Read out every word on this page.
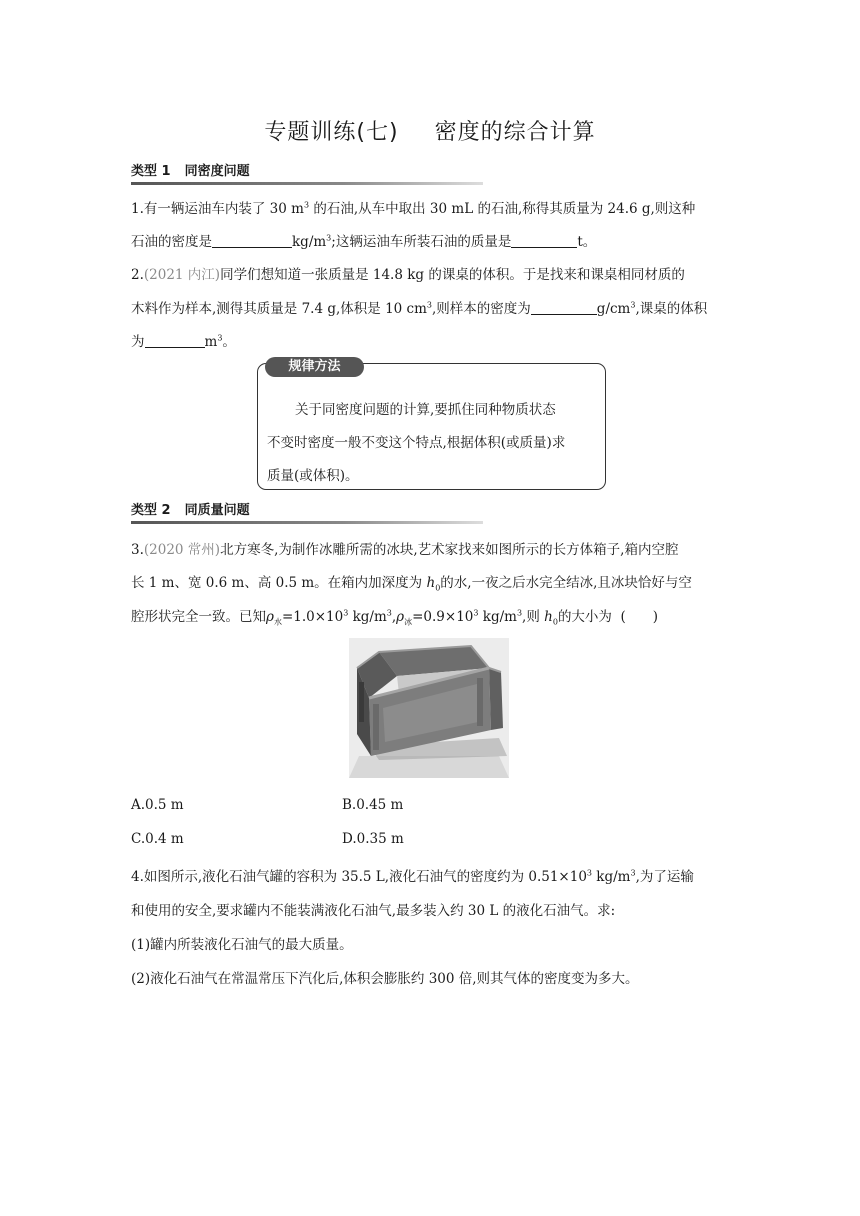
专题训练(七) 密度的综合计算
类型 1 同密度问题
1.有一辆运油车内装了 30 $m^3$ 的石油,从车中取出 30 mL 的石油,称得其质量为 24.6 g,则这种
石油的密度是	$kg/m^3$;这辆运油车所装石油的质量是	t。
2.(2021 内江)同学们想知道一张质量是 14.8 kg 的课桌的体积。于是找来和课桌相同材质的
木料作为样本,测得其质量是 7.4 g,体积是 10 $cm^3$,则样本的密度为	$g/cm^3$,课桌的体积
为	$m^3$。
规律方法
关于同密度问题的计算,要抓住同种物质状态
不变时密度一般不变这个特点,根据体积(或质量)求
质量(或体积)。
类型 2 同质量问题
3.(2020 常州)北方寒冬,为制作冰雕所需的冰块,艺术家找来如图所示的长方体箱子,箱内空腔
长 1 m、宽 0.6 m、高 0.5 m。在箱内加深度为 $h_0$的水,一夜之后水完全结冰,且冰块恰好与空
腔形状完全一致。已知$\rho_水=1.0\times 10^3$ $kg/m^3,\rho_冰=0.9\times 10^3$ $kg/m^3$,则 $h_0$的大小为 (　　)
A.0.5 m	B.0.45 m
C.0.4 m	D.0.35 m
4.如图所示,液化石油气罐的容积为 35.5 L,液化石油气的密度约为 $0.51\times 10^3$ $kg/m^3$,为了运输
和使用的安全,要求罐内不能装满液化石油气,最多装入约 30 L 的液化石油气。求:
(1)罐内所装液化石油气的最大质量。
(2)液化石油气在常温常压下汽化后,体积会膨胀约 300 倍,则其气体的密度变为多大。
